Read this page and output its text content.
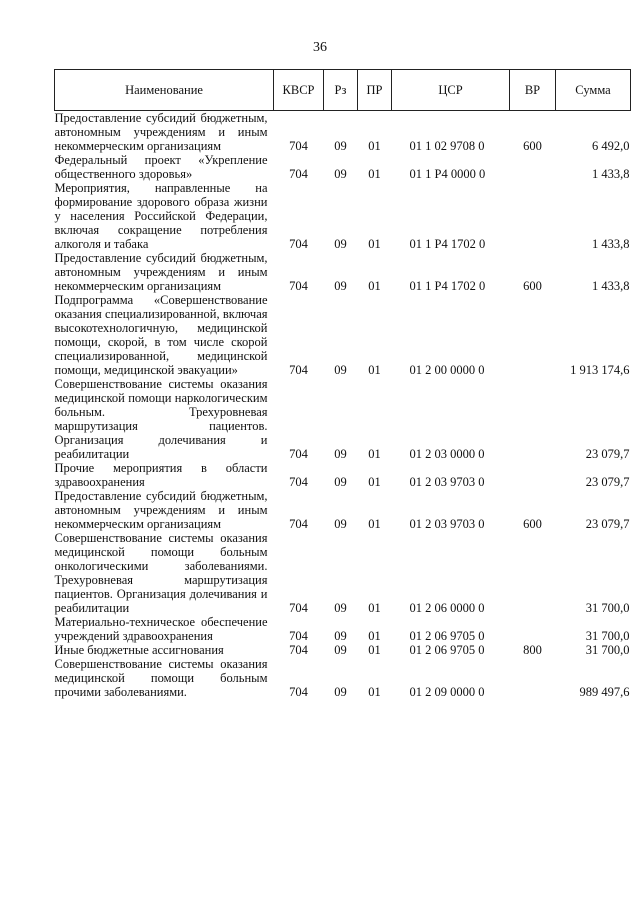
36
Наименование	КВСР	Рз	ПР	ЦСР	ВР	Сумма
Предоставление субсидий бюджетным, автономным учреждениям и иным некоммерческим организациям	704	09	01	01 1 02 9708 0	600	6 492,0
Федеральный проект «Укрепление общественного здоровья»	704	09	01	01 1 P4 0000 0		1 433,8
Мероприятия, направленные на формирование здорового образа жизни у населения Российской Федерации, включая сокращение потребления алкоголя и табака	704	09	01	01 1 P4 1702 0		1 433,8
Предоставление субсидий бюджетным, автономным учреждениям и иным некоммерческим организациям	704	09	01	01 1 P4 1702 0	600	1 433,8
Подпрограмма «Совершенствование оказания специализированной, включая высокотехнологичную, медицинской помощи, скорой, в том числе скорой специализированной, медицинской помощи, медицинской эвакуации»	704	09	01	01 2 00 0000 0		1 913 174,6
Совершенствование системы оказания медицинской помощи наркологическим больным. Трехуровневая маршрутизация пациентов. Организация долечивания и реабилитации	704	09	01	01 2 03 0000 0		23 079,7
Прочие мероприятия в области здравоохранения	704	09	01	01 2 03 9703 0		23 079,7
Предоставление субсидий бюджетным, автономным учреждениям и иным некоммерческим организациям	704	09	01	01 2 03 9703 0	600	23 079,7
Совершенствование системы оказания медицинской помощи больным онкологическими заболеваниями. Трехуровневая маршрутизация пациентов. Организация долечивания и реабилитации	704	09	01	01 2 06 0000 0		31 700,0
Материально-техническое обеспечение учреждений здравоохранения	704	09	01	01 2 06 9705 0		31 700,0
Иные бюджетные ассигнования	704	09	01	01 2 06 9705 0	800	31 700,0
Совершенствование системы оказания медицинской помощи больным прочими заболеваниями.	704	09	01	01 2 09 0000 0		989 497,6
